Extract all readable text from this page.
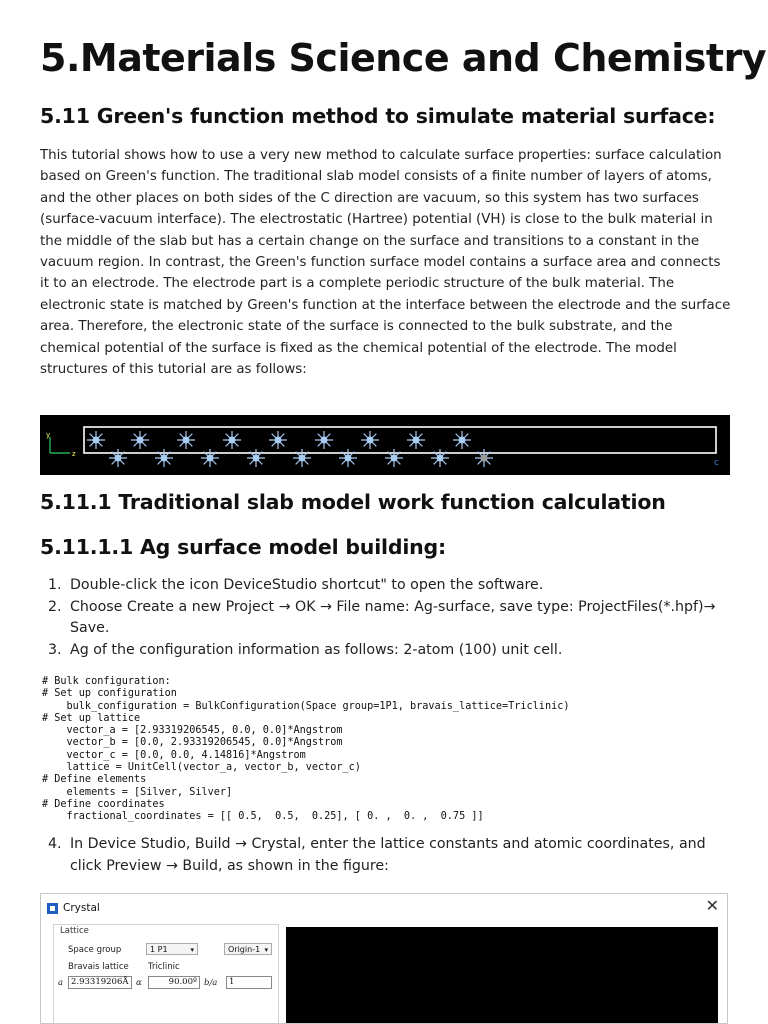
5.Materials Science and Chemistry
5.11 Green's function method to simulate material surface:

This tutorial shows how to use a very new method to calculate surface properties: surface calculation based on Green's function. The traditional slab model consists of a finite number of layers of atoms, and the other places on both sides of the C direction are vacuum, so this system has two surfaces (surface-vacuum interface). The electrostatic (Hartree) potential (VH) is close to the bulk material in the middle of the slab but has a certain change on the surface and transitions to a constant in the vacuum region. In contrast, the Green's function surface model contains a surface area and connects it to an electrode. The electrode part is a complete periodic structure of the bulk material. The electronic state is matched by Green's function at the interface between the electrode and the surface area. Therefore, the electronic state of the surface is connected to the bulk substrate, and the chemical potential of the surface is fixed as the chemical potential of the electrode. The model structures of this tutorial are as follows:

y
z
c
5.11.1 Traditional slab model work function calculation
5.11.1.1 Ag surface model building:
1. Double-click the icon DeviceStudio shortcut" to open the software.
2. Choose Create a new Project → OK → File name: Ag-surface, save type: ProjectFiles(*.hpf)→ Save.
3. Ag of the configuration information as follows: 2-atom (100) unit cell.
# Bulk configuration:
# Set up configuration
bulk_configuration = BulkConfiguration(Space group=1P1, bravais_lattice=Triclinic)
# Set up lattice
vector_a = [2.93319206545, 0.0, 0.0]*Angstrom
vector_b = [0.0, 2.93319206545, 0.0]*Angstrom
vector_c = [0.0, 0.0, 4.14816]*Angstrom
lattice = UnitCell(vector_a, vector_b, vector_c)
# Define elements
elements = [Silver, Silver]
# Define coordinates
fractional_coordinates = [[ 0.5,  0.5,  0.25], [ 0. ,  0. ,  0.75 ]]
4. In Device Studio, Build → Crystal, enter the lattice constants and atomic coordinates, and click Preview → Build, as shown in the figure:
Crystal	✕
Lattice
Space group	1 P1	▾	Origin-1 ▾
Bravais lattice Triclinic
a 2.93319206Å α	90.00º b/a	1
